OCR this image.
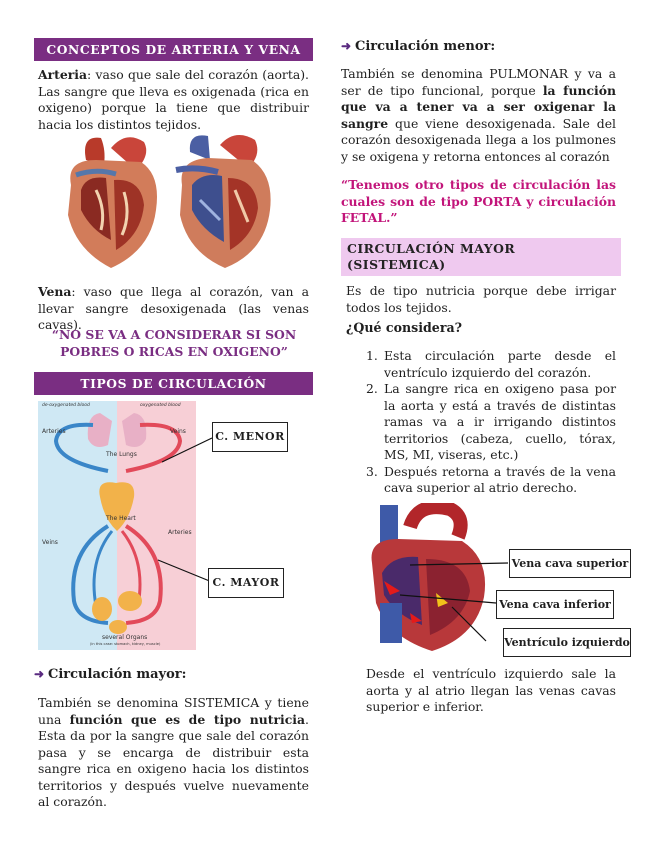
CONCEPTOS DE ARTERIA Y VENA
Arteria: vaso que sale del corazón (aorta). Las sangre que lleva es oxigenada (rica en oxigeno) porque la tiene que distribuir hacia los distintos tejidos.
Vena: vaso que llega al corazón, van a llevar sangre desoxigenada (las venas cavas).
“NO SE VA A CONSIDERAR SI SON POBRES O RICAS EN OXIGENO”
TIPOS DE CIRCULACIÓN
de-oxygenated blood	oxygenated blood
Arteries	Veins
The Lungs
The Heart
Veins
Arteries
several Organs
(in this case: stomach, kidney, muscle)
C. MENOR
C. MAYOR
➜ Circulación mayor:
También se denomina SISTEMICA y tiene una función que es de tipo nutricia. Esta da por la sangre que sale del corazón pasa y se encarga de distribuir esta sangre rica en oxigeno hacia los distintos territorios y después vuelve nuevamente al corazón.
➜ Circulación menor:
También se denomina PULMONAR y va a ser de tipo funcional, porque la función que va a tener va a ser oxigenar la sangre que viene desoxigenada. Sale del corazón desoxigenada llega a los pulmones y se oxigena y retorna entonces al corazón
“Tenemos otro tipos de circulación las cuales son de tipo PORTA y circulación FETAL.”
CIRCULACIÓN MAYOR (SISTEMICA)
Es de tipo nutricia porque debe irrigar todos los tejidos.
¿Qué considera?
1. Esta circulación parte desde el ventrículo izquierdo del corazón.
2. La sangre rica en oxigeno pasa por la aorta y está a través de distintas ramas va a ir irrigando distintos territorios (cabeza, cuello, tórax, MS, MI, viseras, etc.)
3. Después retorna a través de la vena cava superior al atrio derecho.
Vena cava superior
Vena cava inferior
Ventrículo izquierdo
Desde el ventrículo izquierdo sale la aorta y al atrio llegan las venas cavas superior e inferior.
